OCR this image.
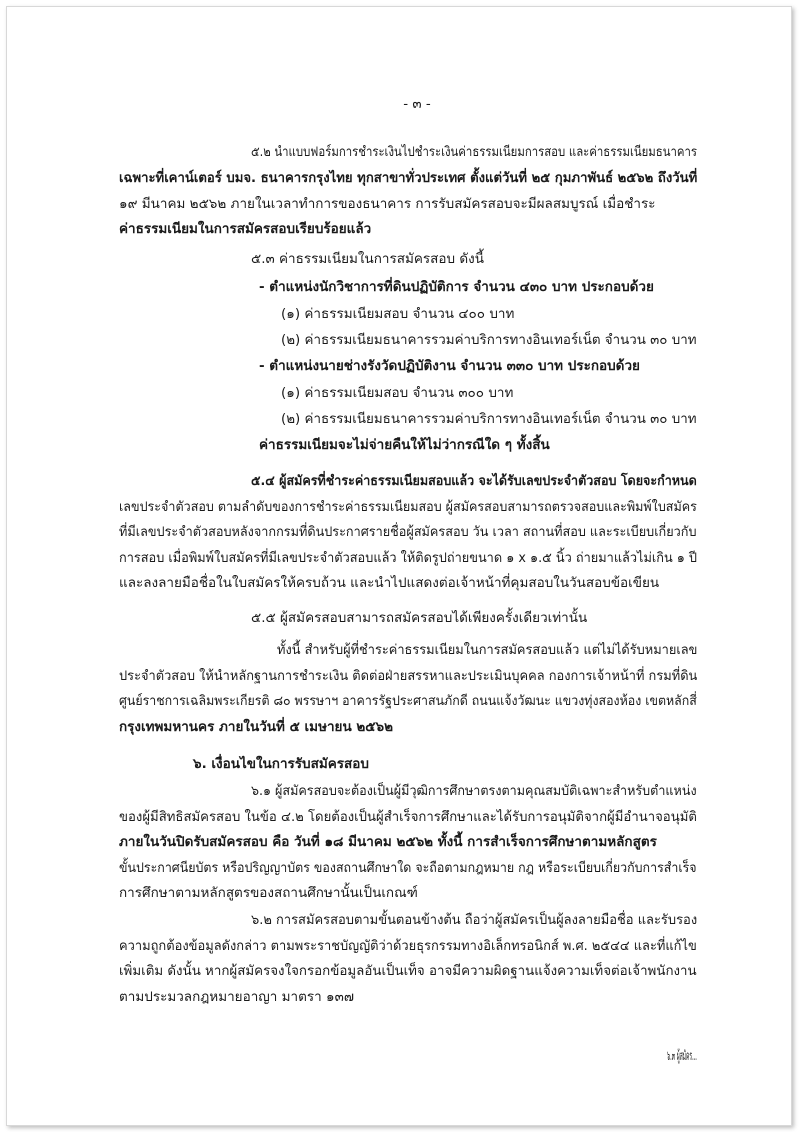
- ๓ -
๕.๒ นำแบบฟอร์มการชำระเงินไปชำระเงินค่าธรรมเนียมการสอบ และค่าธรรมเนียมธนาคาร
เฉพาะที่เคาน์เตอร์ บมจ. ธนาคารกรุงไทย ทุกสาขาทั่วประเทศ ตั้งแต่วันที่ ๒๕ กุมภาพันธ์ ๒๕๖๒ ถึงวันที่
๑๙ มีนาคม ๒๕๖๒ ภายในเวลาทำการของธนาคาร การรับสมัครสอบจะมีผลสมบูรณ์ เมื่อชำระ
ค่าธรรมเนียมในการสมัครสอบเรียบร้อยแล้ว
๕.๓ ค่าธรรมเนียมในการสมัครสอบ ดังนี้
- ตำแหน่งนักวิชาการที่ดินปฏิบัติการ จำนวน ๔๓๐ บาท ประกอบด้วย
(๑) ค่าธรรมเนียมสอบ จำนวน ๔๐๐ บาท
(๒) ค่าธรรมเนียมธนาคารรวมค่าบริการทางอินเทอร์เน็ต จำนวน ๓๐ บาท
- ตำแหน่งนายช่างรังวัดปฏิบัติงาน จำนวน ๓๓๐ บาท ประกอบด้วย
(๑) ค่าธรรมเนียมสอบ จำนวน ๓๐๐ บาท
(๒) ค่าธรรมเนียมธนาคารรวมค่าบริการทางอินเทอร์เน็ต จำนวน ๓๐ บาท
ค่าธรรมเนียมจะไม่จ่ายคืนให้ไม่ว่ากรณีใด ๆ ทั้งสิ้น
๕.๔ ผู้สมัครที่ชำระค่าธรรมเนียมสอบแล้ว จะได้รับเลขประจำตัวสอบ โดยจะกำหนด
เลขประจำตัวสอบ ตามลำดับของการชำระค่าธรรมเนียมสอบ ผู้สมัครสอบสามารถตรวจสอบและพิมพ์ใบสมัคร
ที่มีเลขประจำตัวสอบหลังจากกรมที่ดินประกาศรายชื่อผู้สมัครสอบ วัน เวลา สถานที่สอบ และระเบียบเกี่ยวกับ
การสอบ เมื่อพิมพ์ใบสมัครที่มีเลขประจำตัวสอบแล้ว ให้ติดรูปถ่ายขนาด ๑ x ๑.๕ นิ้ว ถ่ายมาแล้วไม่เกิน ๑ ปี
และลงลายมือชื่อในใบสมัครให้ครบถ้วน และนำไปแสดงต่อเจ้าหน้าที่คุมสอบในวันสอบข้อเขียน
๕.๕ ผู้สมัครสอบสามารถสมัครสอบได้เพียงครั้งเดียวเท่านั้น
ทั้งนี้ สำหรับผู้ที่ชำระค่าธรรมเนียมในการสมัครสอบแล้ว แต่ไม่ได้รับหมายเลข
ประจำตัวสอบ ให้นำหลักฐานการชำระเงิน ติดต่อฝ่ายสรรหาและประเมินบุคคล กองการเจ้าหน้าที่ กรมที่ดิน
ศูนย์ราชการเฉลิมพระเกียรติ ๘๐ พรรษาฯ อาคารรัฐประศาสนภักดี ถนนแจ้งวัฒนะ แขวงทุ่งสองห้อง เขตหลักสี่
กรุงเทพมหานคร ภายในวันที่ ๕ เมษายน ๒๕๖๒
๖. เงื่อนไขในการรับสมัครสอบ
๖.๑ ผู้สมัครสอบจะต้องเป็นผู้มีวุฒิการศึกษาตรงตามคุณสมบัติเฉพาะสำหรับตำแหน่ง
ของผู้มีสิทธิสมัครสอบ ในข้อ ๔.๒ โดยต้องเป็นผู้สำเร็จการศึกษาและได้รับการอนุมัติจากผู้มีอำนาจอนุมัติ
ภายในวันปิดรับสมัครสอบ คือ วันที่ ๑๘ มีนาคม ๒๕๖๒ ทั้งนี้ การสำเร็จการศึกษาตามหลักสูตร
ขั้นประกาศนียบัตร หรือปริญญาบัตร ของสถานศึกษาใด จะถือตามกฎหมาย กฎ หรือระเบียบเกี่ยวกับการสำเร็จ
การศึกษาตามหลักสูตรของสถานศึกษานั้นเป็นเกณฑ์
๖.๒ การสมัครสอบตามขั้นตอนข้างต้น ถือว่าผู้สมัครเป็นผู้ลงลายมือชื่อ และรับรอง
ความถูกต้องข้อมูลดังกล่าว ตามพระราชบัญญัติว่าด้วยธุรกรรมทางอิเล็กทรอนิกส์ พ.ศ. ๒๕๔๔ และที่แก้ไข
เพิ่มเติม ดังนั้น หากผู้สมัครจงใจกรอกข้อมูลอันเป็นเท็จ อาจมีความผิดฐานแจ้งความเท็จต่อเจ้าพนักงาน
ตามประมวลกฎหมายอาญา มาตรา ๑๓๗
๖.๓ ผู้สมัคร...
